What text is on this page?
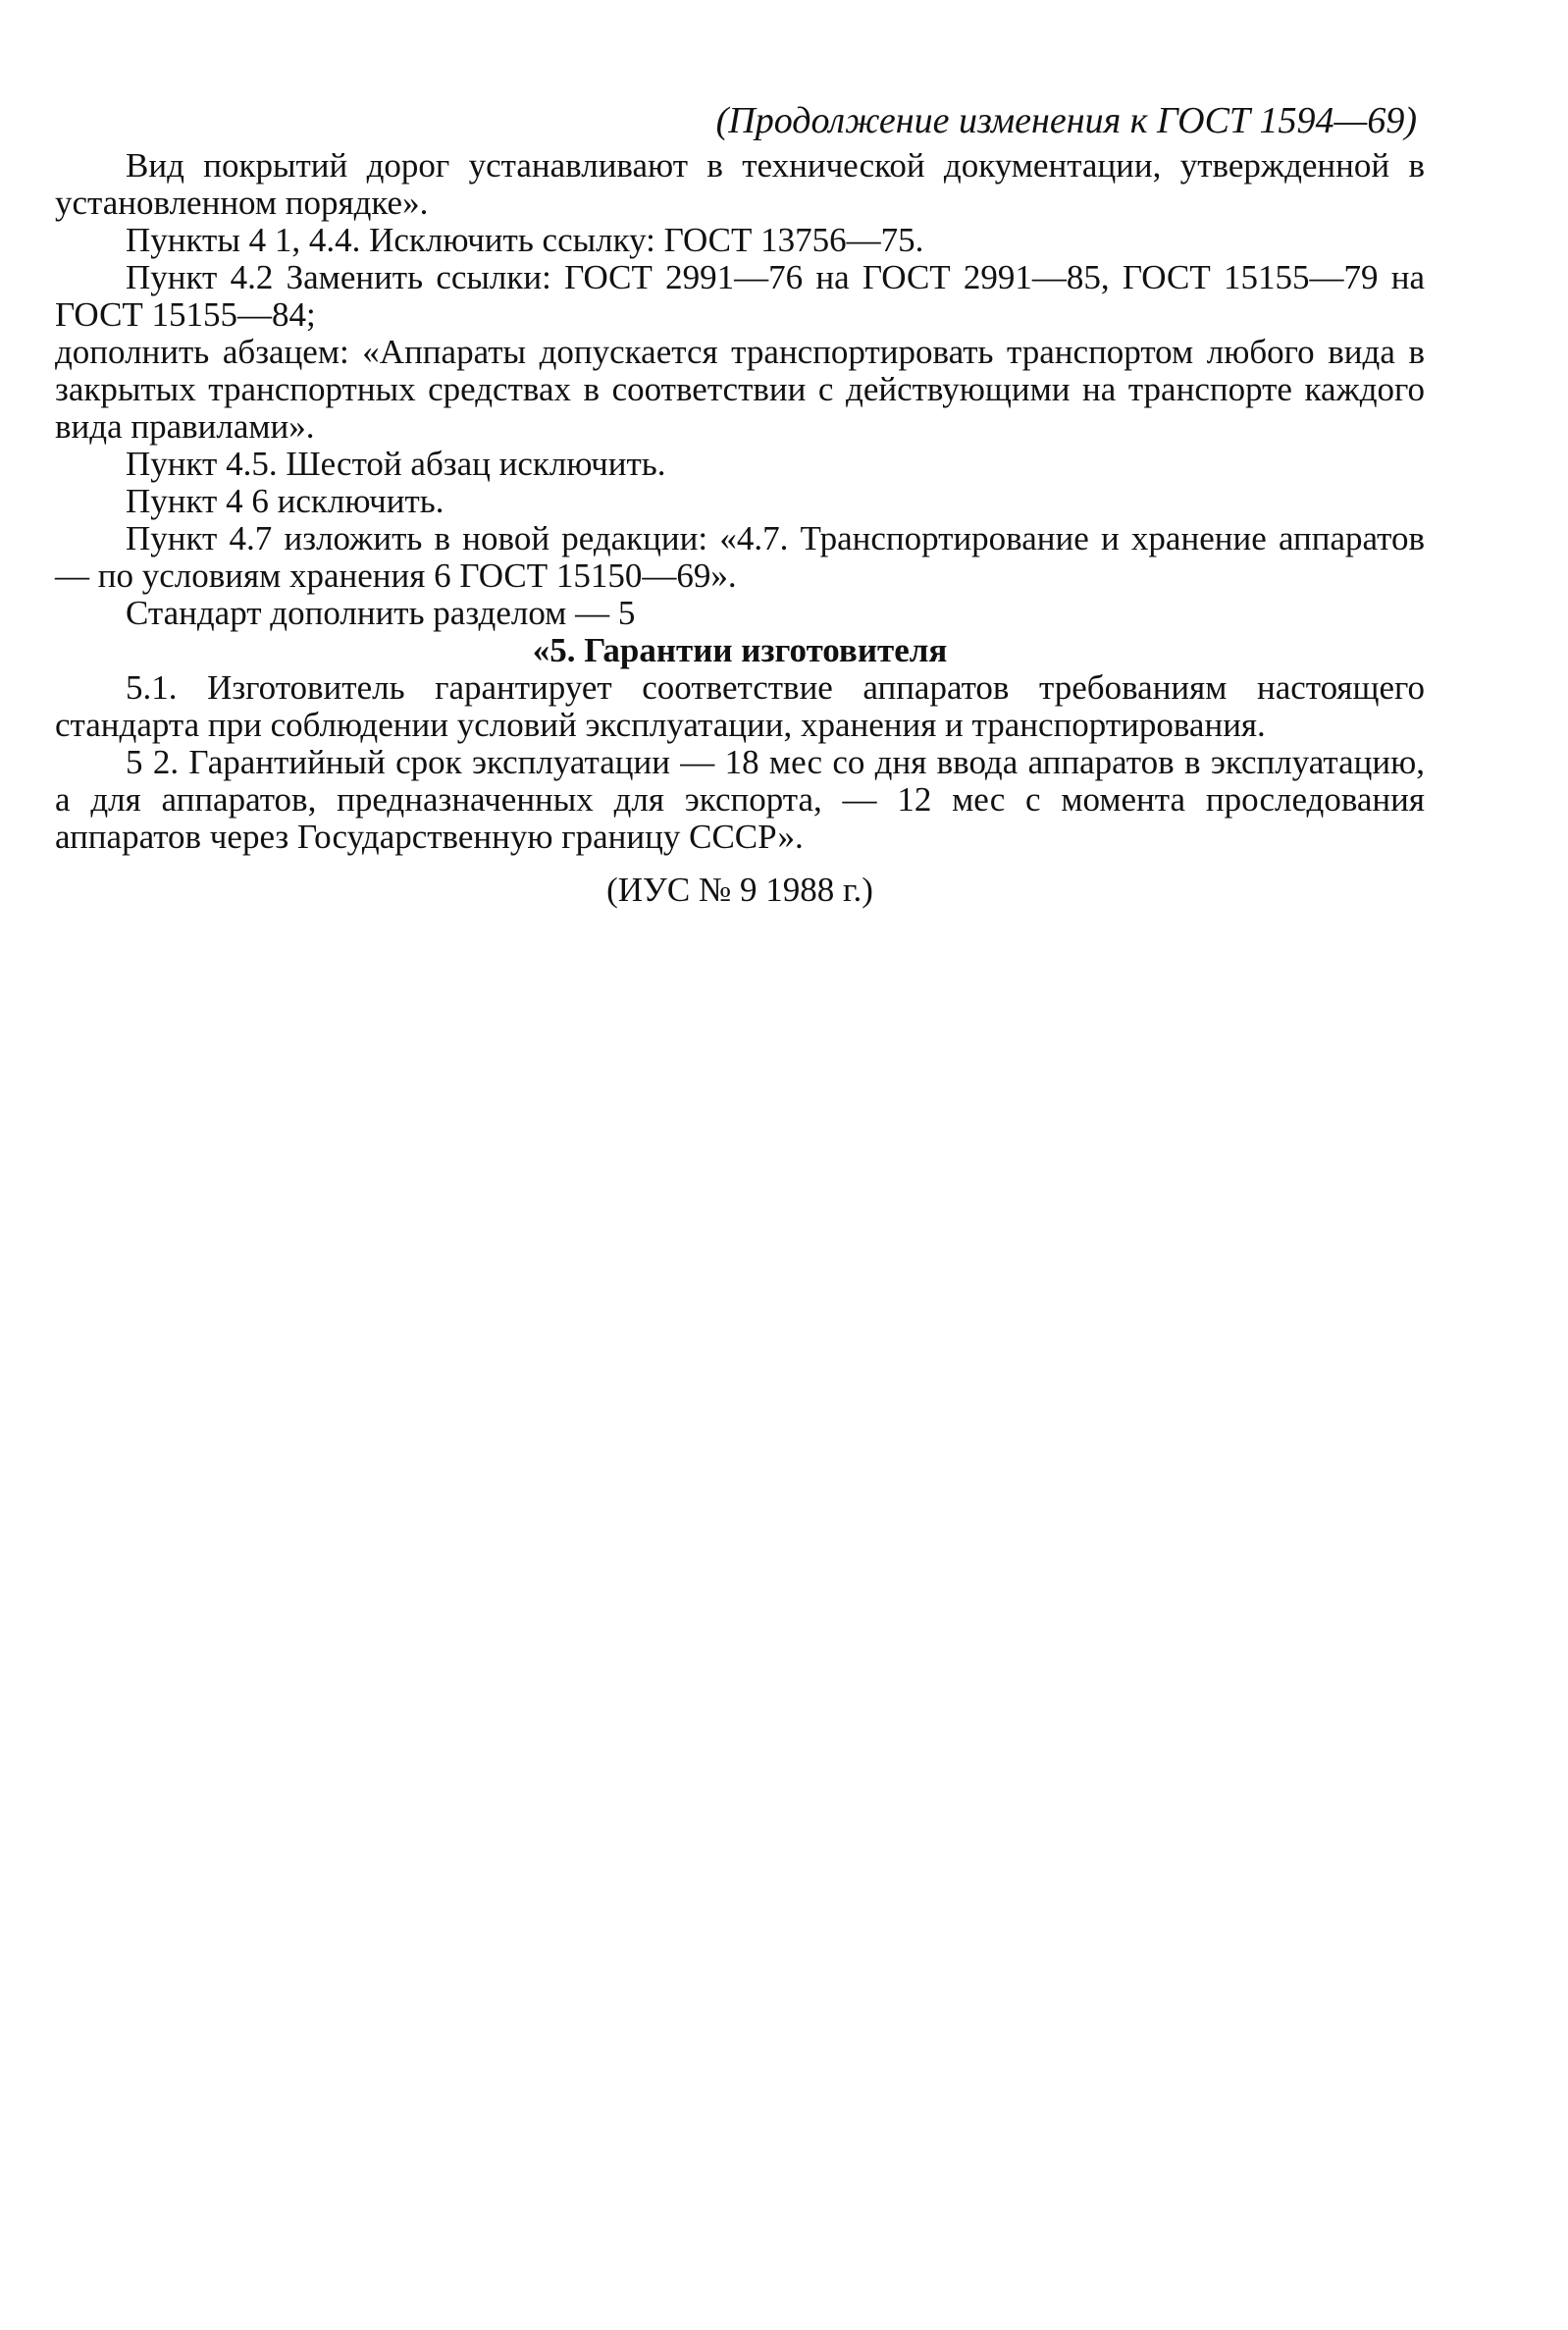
(Продолжение изменения к ГОСТ 1594—69)

Вид покрытий дорог устанавливают в технической документации, утвержденной в установленном порядке».

Пункты 4 1, 4.4. Исключить ссылку: ГОСТ 13756—75.

Пункт 4.2 Заменить ссылки: ГОСТ 2991—76 на ГОСТ 2991—85, ГОСТ 15155—79 на ГОСТ 15155—84;

дополнить абзацем: «Аппараты допускается транспортировать транспортом любого вида в закрытых транспортных средствах в соответствии с действующими на транспорте каждого вида правилами».

Пункт 4.5. Шестой абзац исключить.

Пункт 4 6 исключить.

Пункт 4.7 изложить в новой редакции: «4.7. Транспортирование и хранение аппаратов — по условиям хранения 6 ГОСТ 15150—69».

Стандарт дополнить разделом — 5

«5. Гарантии изготовителя

5.1. Изготовитель гарантирует соответствие аппаратов требованиям настоящего стандарта при соблюдении условий эксплуатации, хранения и транспортирования.

5 2. Гарантийный срок эксплуатации — 18 мес со дня ввода аппаратов в эксплуатацию, а для аппаратов, предназначенных для экспорта, — 12 мес с момента проследования аппаратов через Государственную границу СССР».

(ИУС № 9 1988 г.)
